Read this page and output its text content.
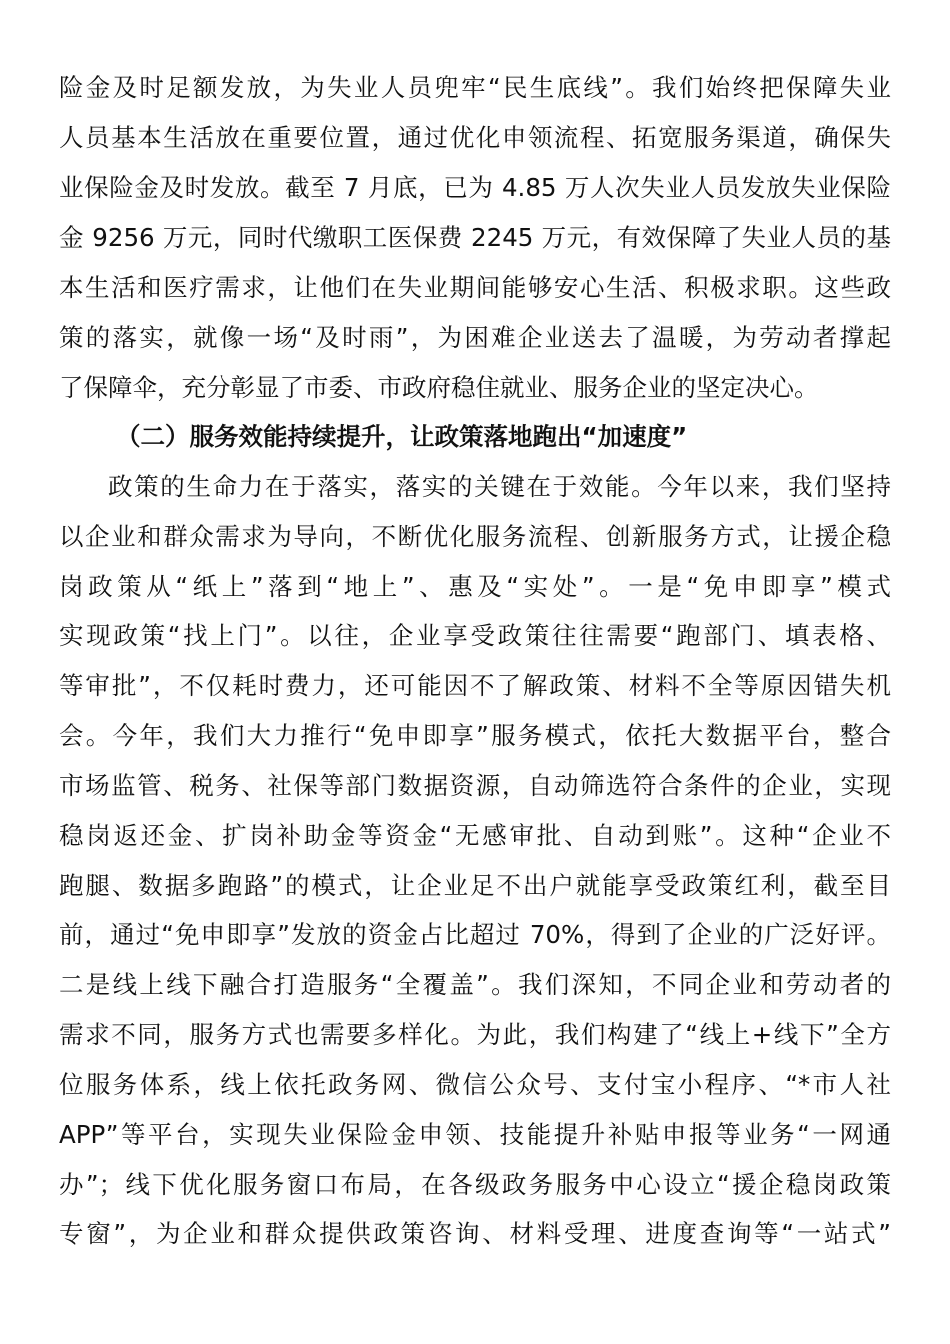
险金及时足额发放，为失业人员兜牢“民生底线”。我们始终把保障失业
人员基本生活放在重要位置，通过优化申领流程、拓宽服务渠道，确保失
业保险金及时发放。截至 7 月底，已为 4.85 万人次失业人员发放失业保险
金 9256 万元，同时代缴职工医保费 2245 万元，有效保障了失业人员的基
本生活和医疗需求，让他们在失业期间能够安心生活、积极求职。这些政
策的落实，就像一场“及时雨”，为困难企业送去了温暖，为劳动者撑起
了保障伞，充分彰显了市委、市政府稳住就业、服务企业的坚定决心。
（二）服务效能持续提升，让政策落地跑出“加速度”
政策的生命力在于落实，落实的关键在于效能。今年以来，我们坚持
以企业和群众需求为导向，不断优化服务流程、创新服务方式，让援企稳
岗政策从“纸上”落到“地上”、惠及“实处”。一是“免申即享”模式
实现政策“找上门”。以往，企业享受政策往往需要“跑部门、填表格、
等审批”，不仅耗时费力，还可能因不了解政策、材料不全等原因错失机
会。今年，我们大力推行“免申即享”服务模式，依托大数据平台，整合
市场监管、税务、社保等部门数据资源，自动筛选符合条件的企业，实现
稳岗返还金、扩岗补助金等资金“无感审批、自动到账”。这种“企业不
跑腿、数据多跑路”的模式，让企业足不出户就能享受政策红利，截至目
前，通过“免申即享”发放的资金占比超过 70%，得到了企业的广泛好评。
二是线上线下融合打造服务“全覆盖”。我们深知，不同企业和劳动者的
需求不同，服务方式也需要多样化。为此，我们构建了“线上+线下”全方
位服务体系，线上依托政务网、微信公众号、支付宝小程序、“*市人社
APP”等平台，实现失业保险金申领、技能提升补贴申报等业务“一网通
办”；线下优化服务窗口布局，在各级政务服务中心设立“援企稳岗政策
专窗”，为企业和群众提供政策咨询、材料受理、进度查询等“一站式”
